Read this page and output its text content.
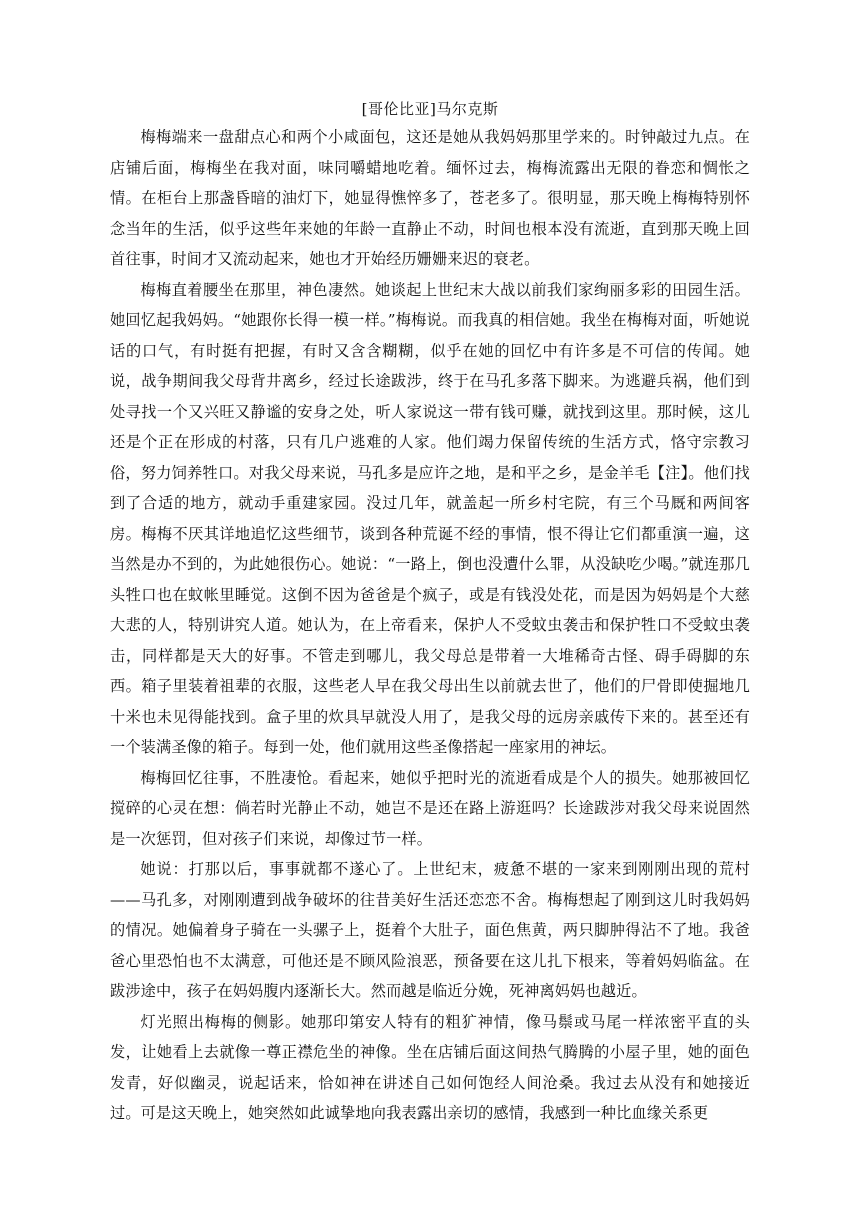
[哥伦比亚]马尔克斯

梅梅端来一盘甜点心和两个小咸面包，这还是她从我妈妈那里学来的。时钟敲过九点。在店铺后面，梅梅坐在我对面，味同嚼蜡地吃着。缅怀过去，梅梅流露出无限的眷恋和惆怅之情。在柜台上那盏昏暗的油灯下，她显得憔悴多了，苍老多了。很明显，那天晚上梅梅特别怀念当年的生活，似乎这些年来她的年龄一直静止不动，时间也根本没有流逝，直到那天晚上回首往事，时间才又流动起来，她也才开始经历姗姗来迟的衰老。

梅梅直着腰坐在那里，神色凄然。她谈起上世纪末大战以前我们家绚丽多彩的田园生活。她回忆起我妈妈。“她跟你长得一模一样。”梅梅说。而我真的相信她。我坐在梅梅对面，听她说话的口气，有时挺有把握，有时又含含糊糊，似乎在她的回忆中有许多是不可信的传闻。她说，战争期间我父母背井离乡，经过长途跋涉，终于在马孔多落下脚来。为逃避兵祸，他们到处寻找一个又兴旺又静谧的安身之处，听人家说这一带有钱可赚，就找到这里。那时候，这儿还是个正在形成的村落，只有几户逃难的人家。他们竭力保留传统的生活方式，恪守宗教习俗，努力饲养牲口。对我父母来说，马孔多是应许之地，是和平之乡，是金羊毛【注】。他们找到了合适的地方，就动手重建家园。没过几年，就盖起一所乡村宅院，有三个马厩和两间客房。梅梅不厌其详地追忆这些细节，谈到各种荒诞不经的事情，恨不得让它们都重演一遍，这当然是办不到的，为此她很伤心。她说：“一路上，倒也没遭什么罪，从没缺吃少喝。”就连那几头牲口也在蚊帐里睡觉。这倒不因为爸爸是个疯子，或是有钱没处花，而是因为妈妈是个大慈大悲的人，特别讲究人道。她认为，在上帝看来，保护人不受蚊虫袭击和保护牲口不受蚊虫袭击，同样都是天大的好事。不管走到哪儿，我父母总是带着一大堆稀奇古怪、碍手碍脚的东西。箱子里装着祖辈的衣服，这些老人早在我父母出生以前就去世了，他们的尸骨即使掘地几十米也未见得能找到。盒子里的炊具早就没人用了，是我父母的远房亲戚传下来的。甚至还有一个装满圣像的箱子。每到一处，他们就用这些圣像搭起一座家用的神坛。

梅梅回忆往事，不胜凄怆。看起来，她似乎把时光的流逝看成是个人的损失。她那被回忆搅碎的心灵在想：倘若时光静止不动，她岂不是还在路上游逛吗？长途跋涉对我父母来说固然是一次惩罚，但对孩子们来说，却像过节一样。

她说：打那以后，事事就都不遂心了。上世纪末，疲惫不堪的一家来到刚刚出现的荒村——马孔多，对刚刚遭到战争破坏的往昔美好生活还恋恋不舍。梅梅想起了刚到这儿时我妈妈的情况。她偏着身子骑在一头骡子上，挺着个大肚子，面色焦黄，两只脚肿得沾不了地。我爸爸心里恐怕也不太满意，可他还是不顾风险浪恶，预备要在这儿扎下根来，等着妈妈临盆。在跋涉途中，孩子在妈妈腹内逐渐长大。然而越是临近分娩，死神离妈妈也越近。

灯光照出梅梅的侧影。她那印第安人特有的粗犷神情，像马鬃或马尾一样浓密平直的头发，让她看上去就像一尊正襟危坐的神像。坐在店铺后面这间热气腾腾的小屋子里，她的面色发青，好似幽灵，说起话来，恰如神在讲述自己如何饱经人间沧桑。我过去从没有和她接近过。可是这天晚上，她突然如此诚挚地向我表露出亲切的感情，我感到一种比血缘关系更
